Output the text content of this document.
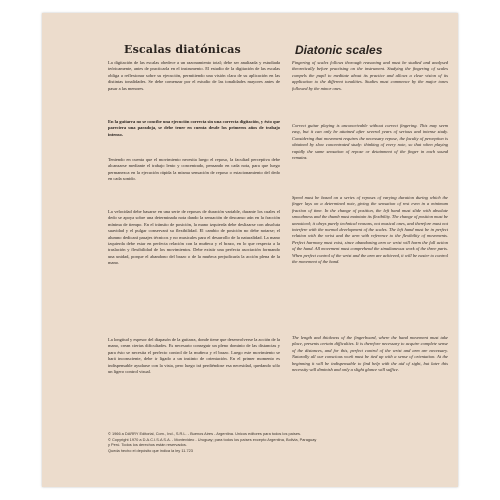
Escalas diatónicas	Diatonic scales

La digitación de las escalas obedece a un razonamiento total; debe ser analizada y estudiada teóricamente, antes de practicarla en el instrumento. El estudio de la digitación de las escalas obliga a reflexionar sobre su ejecución, permitiendo una visión clara de su aplicación en las distintas tonalidades. Se debe comenzar por el estudio de las tonalidades mayores antes de pasar a las menores.

En la guitarra no se concibe una ejecución correcta sin una correcta digitación, y ésto que pareciera una paradoja, se debe tener en cuenta desde los primeros años de trabajo intenso.

Teniendo en cuenta que el movimiento necesita luego el reposo, la facultad perceptiva debe alcanzarse mediante el trabajo lento y concentrado, pensando en cada nota, para que luego permanezca en la ejecución rápida la misma sensación de reposo o estacionamiento del dedo en cada sonido.

La velocidad debe basarse en una serie de reposos de duración variable, durante los cuales el dedo se apoya sobre una determinada nota dando la sensación de descanso aún en la fracción mínima de tiempo. En el tránsito de posición, la mano izquierda debe deslizarse con absoluta suavidad y el pulgar conservará su flexibilidad. El cambio de posición no debe notarse; el alumno dedicará pasajes técnicos y no musicales para el desarrollo de la naturalidad. La mano izquierda debe estar en perfecta relación con la muñeca y el brazo, en lo que respecta a la traslación y flexibilidad de los movimientos. Debe existir una perfecta asociación formando una unidad, porque el abandono del brazo o de la muñeca perjudicaría la acción plena de la mano.

La longitud y espesor del diapasón de la guitarra, donde tiene que desenvolverse la acción de la mano, crean ciertas dificultades. Es necesario conseguir un pleno dominio de las distancias y para ésto se necesita el perfecto control de la muñeca y el brazo. Luego este movimiento se hará inconsciente, debe ir ligado a un instinto de orientación. En el primer momento es indispensable ayudarse con la vista, pero luego irá perdiéndose esa necesidad, quedando sólo un ligero control visual.

Fingering of scales follows thorough reasoning and must be studied and analysed theoretically before practising on the instrument. Studying the fingering of scales compels the pupil to meditate about its practice and allows a clear vision of its application to the different tonalities. Studies must commence by the major tones followed by the minor ones.

Correct guitar playing is unconceivable without correct fingering. This may seem easy, but it can only be attained after several years of serious and intense study. Considering that movement requires the necessary repose, the faculty of perception is obtained by slow concentrated study: thinking of every note, so that when playing rapidly the same sensation of repose or detainment of the finger in each sound remains.

Speed must be based on a series of reposes of varying duration during which the finger lays on a determined note, giving the sensation of rest even in a minimum fraction of time. In the change of position, the left hand must slide with absolute smoothness and the thumb must maintain its flexibility. The change of position must be unnoticed; it obeys purely technical reasons, not musical ones, and therefore must not interfere with the normal development of the scales. The left hand must be in perfect relation with the wrist and the arm with reference to the flexibility of movements. Perfect harmony must exist, since abandoning arm or wrist will harm the full action of the hand. All movement must comprehend the simultaneous work of the three parts. When perfect control of the wrist and the arm are achieved, it will be easier to control the movement of the hand.

The length and thickness of the fingerboard, where the hand movement must take place, presents certain difficulties. It is therefore necessary to acquire complete sense of the distances, and for this, perfect control of the wrist and arm are necessary. Naturally all our conscious work must be tied up with a sense of orientation. At the beginning it will be indispensable to find help with the aid of sight, but later this necessity will diminish and only a slight glance will suffice.

© 1966 a DARRY Editorial, Com., Ind., S.R.L. - Buenos Aires - Argentina. Unicos editores para todos los países.
© Copyright 1970 a D.A.C.I.S.A S.A. - Montevideo - Uruguay; para todos los países excepto Argentina, Bolivia, Paraguay
y Perú. Todos los derechos están reservados.
Queda hecho el depósito que indica la ley 11.723
